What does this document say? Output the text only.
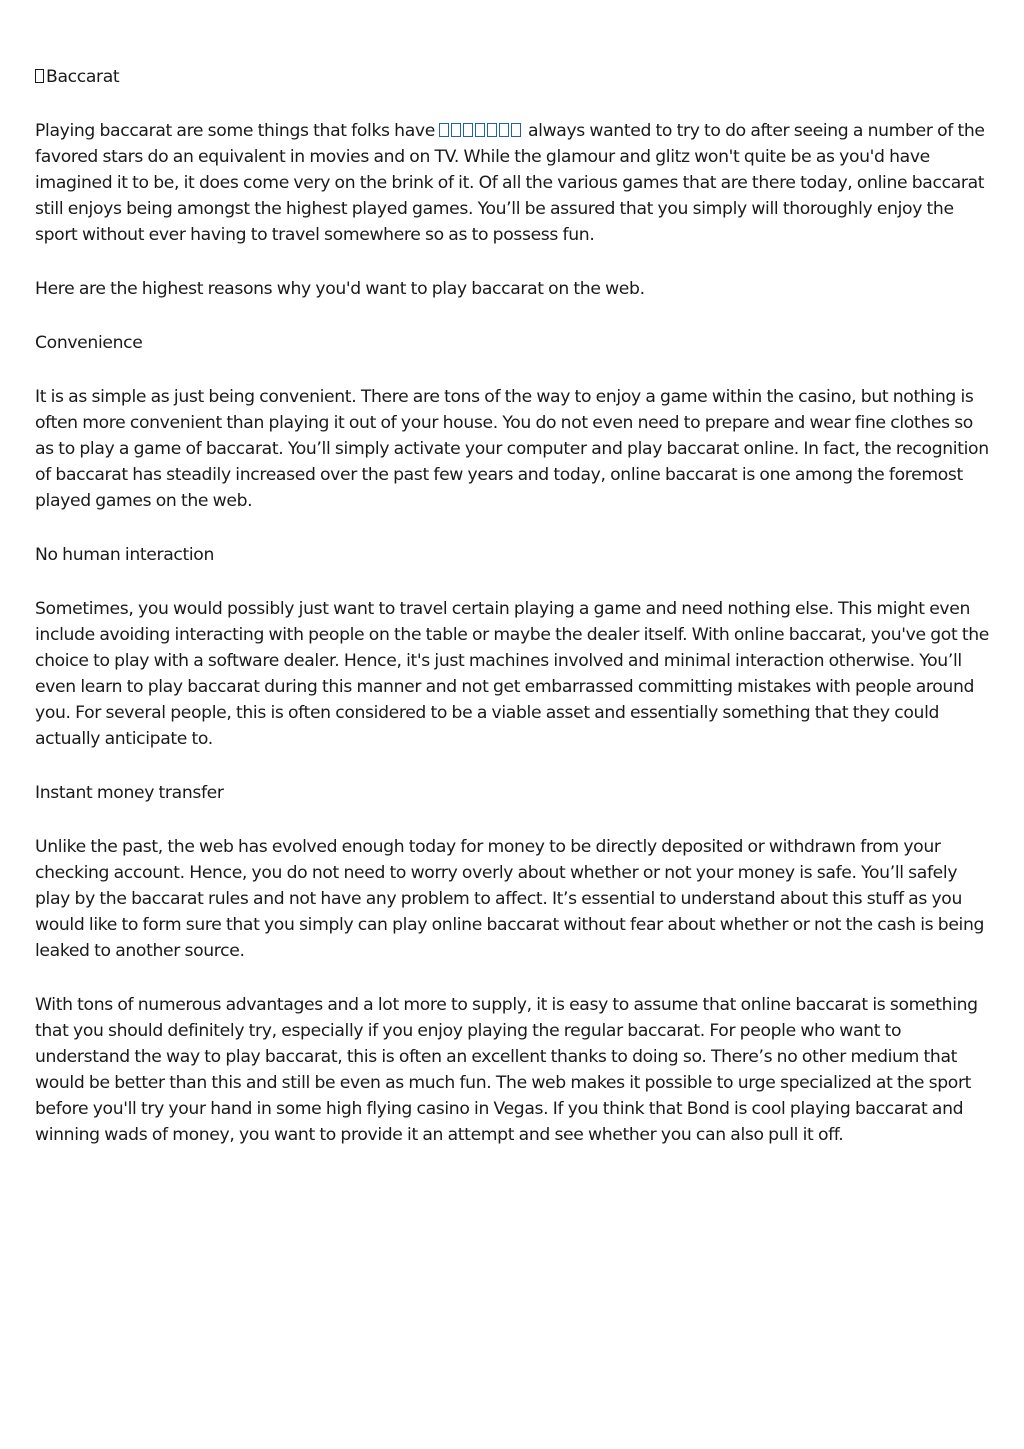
Baccarat

Playing baccarat are some things that folks have	always wanted to try to do after seeing a number of the favored stars do an equivalent in movies and on TV. While the glamour and glitz won't quite be as you'd have imagined it to be, it does come very on the brink of it. Of all the various games that are there today, online baccarat still enjoys being amongst the highest played games. You’ll be assured that you simply will thoroughly enjoy the sport without ever having to travel somewhere so as to possess fun.

Here are the highest reasons why you'd want to play baccarat on the web.

Convenience

It is as simple as just being convenient. There are tons of the way to enjoy a game within the casino, but nothing is often more convenient than playing it out of your house. You do not even need to prepare and wear fine clothes so as to play a game of baccarat. You’ll simply activate your computer and play baccarat online. In fact, the recognition of baccarat has steadily increased over the past few years and today, online baccarat is one among the foremost played games on the web.

No human interaction

Sometimes, you would possibly just want to travel certain playing a game and need nothing else. This might even include avoiding interacting with people on the table or maybe the dealer itself. With online baccarat, you've got the choice to play with a software dealer. Hence, it's just machines involved and minimal interaction otherwise. You’ll even learn to play baccarat during this manner and not get embarrassed committing mistakes with people around you. For several people, this is often considered to be a viable asset and essentially something that they could actually anticipate to.

Instant money transfer

Unlike the past, the web has evolved enough today for money to be directly deposited or withdrawn from your checking account. Hence, you do not need to worry overly about whether or not your money is safe. You’ll safely play by the baccarat rules and not have any problem to affect. It’s essential to understand about this stuff as you would like to form sure that you simply can play online baccarat without fear about whether or not the cash is being leaked to another source.

With tons of numerous advantages and a lot more to supply, it is easy to assume that online baccarat is something that you should definitely try, especially if you enjoy playing the regular baccarat. For people who want to understand the way to play baccarat, this is often an excellent thanks to doing so. There’s no other medium that would be better than this and still be even as much fun. The web makes it possible to urge specialized at the sport before you'll try your hand in some high flying casino in Vegas. If you think that Bond is cool playing baccarat and winning wads of money, you want to provide it an attempt and see whether you can also pull it off.
